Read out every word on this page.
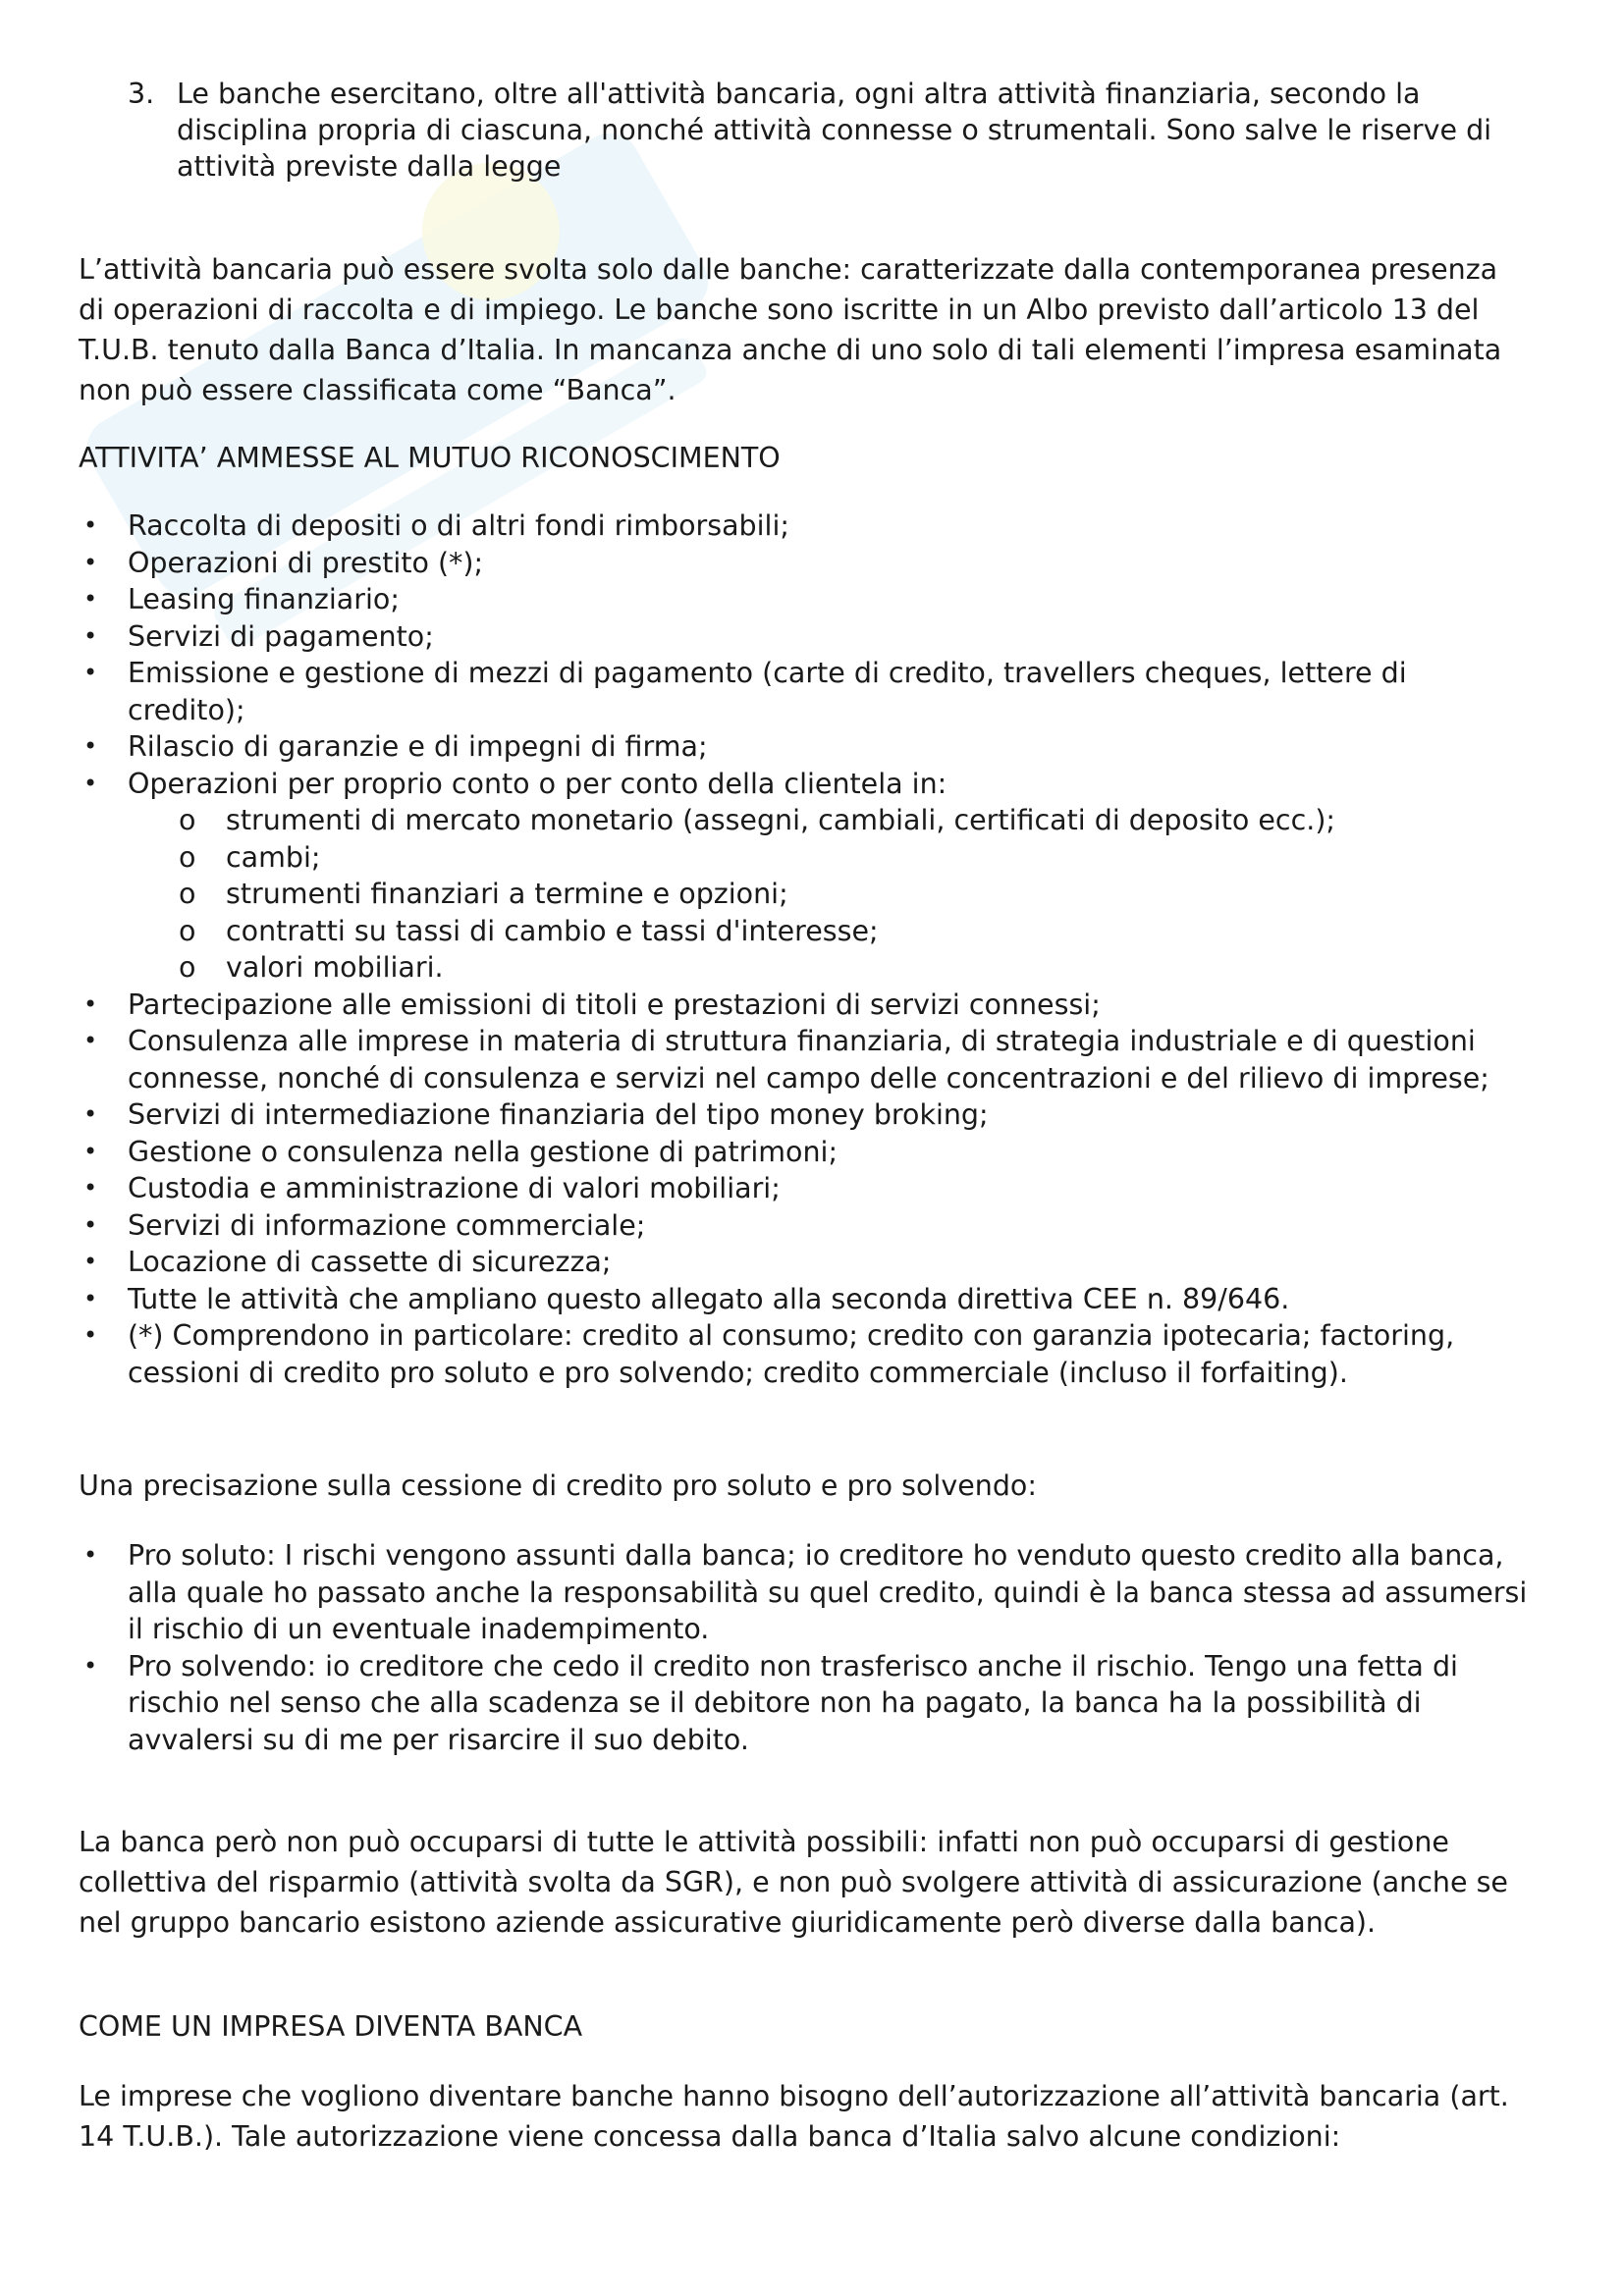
3. Le banche esercitano, oltre all'attività bancaria, ogni altra attività finanziaria, secondo la disciplina propria di ciascuna, nonché attività connesse o strumentali. Sono salve le riserve di attività previste dalla legge

L’attività bancaria può essere svolta solo dalle banche: caratterizzate dalla contemporanea presenza di operazioni di raccolta e di impiego. Le banche sono iscritte in un Albo previsto dall’articolo 13 del T.U.B. tenuto dalla Banca d’Italia. In mancanza anche di uno solo di tali elementi l’impresa esaminata non può essere classificata come “Banca”.

ATTIVITA’ AMMESSE AL MUTUO RICONOSCIMENTO
• Raccolta di depositi o di altri fondi rimborsabili;
• Operazioni di prestito (*);
• Leasing finanziario;
• Servizi di pagamento;
• Emissione e gestione di mezzi di pagamento (carte di credito, travellers cheques, lettere di credito);
• Rilascio di garanzie e di impegni di firma;
• Operazioni per proprio conto o per conto della clientela in:
o strumenti di mercato monetario (assegni, cambiali, certificati di deposito ecc.);
o cambi;
o strumenti finanziari a termine e opzioni;
o contratti su tassi di cambio e tassi d'interesse;
o valori mobiliari.
• Partecipazione alle emissioni di titoli e prestazioni di servizi connessi;
• Consulenza alle imprese in materia di struttura finanziaria, di strategia industriale e di questioni connesse, nonché di consulenza e servizi nel campo delle concentrazioni e del rilievo di imprese;
• Servizi di intermediazione finanziaria del tipo money broking;
• Gestione o consulenza nella gestione di patrimoni;
• Custodia e amministrazione di valori mobiliari;
• Servizi di informazione commerciale;
• Locazione di cassette di sicurezza;
• Tutte le attività che ampliano questo allegato alla seconda direttiva CEE n. 89/646.
• (*) Comprendono in particolare: credito al consumo; credito con garanzia ipotecaria; factoring, cessioni di credito pro soluto e pro solvendo; credito commerciale (incluso il forfaiting).

Una precisazione sulla cessione di credito pro soluto e pro solvendo:

• Pro soluto: I rischi vengono assunti dalla banca; io creditore ho venduto questo credito alla banca, alla quale ho passato anche la responsabilità su quel credito, quindi è la banca stessa ad assumersi il rischio di un eventuale inadempimento.
• Pro solvendo: io creditore che cedo il credito non trasferisco anche il rischio. Tengo una fetta di rischio nel senso che alla scadenza se il debitore non ha pagato, la banca ha la possibilità di avvalersi su di me per risarcire il suo debito.

La banca però non può occuparsi di tutte le attività possibili: infatti non può occuparsi di gestione collettiva del risparmio (attività svolta da SGR), e non può svolgere attività di assicurazione (anche se nel gruppo bancario esistono aziende assicurative giuridicamente però diverse dalla banca).

COME UN IMPRESA DIVENTA BANCA

Le imprese che vogliono diventare banche hanno bisogno dell’autorizzazione all’attività bancaria (art. 14 T.U.B.). Tale autorizzazione viene concessa dalla banca d’Italia salvo alcune condizioni:
